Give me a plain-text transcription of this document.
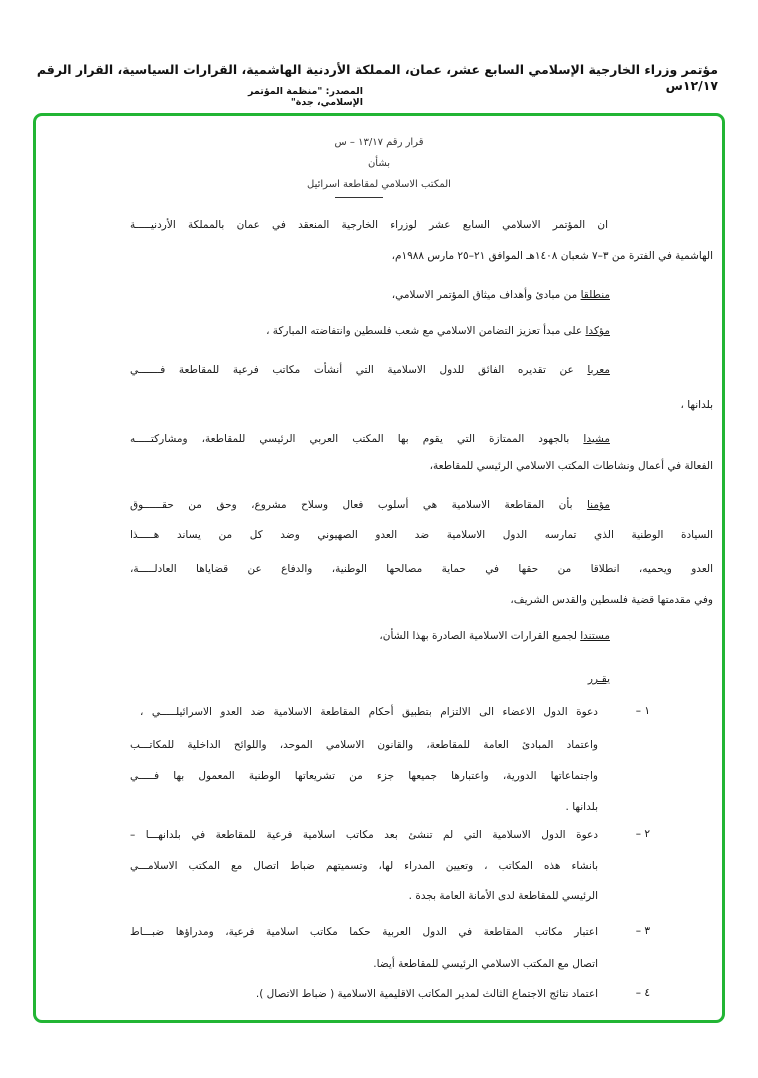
مؤتمر وزراء الخارجية الإسلامي السابع عشر، عمان، المملكة الأردنية الهاشمية، القرارات السياسية، القرار الرقم ١٢/١٧س
المصدر: "منظمة المؤتمر الإسلامي، جدة"
قرار رقم ١٣/١٧ – س
بشأن
المكتب الاسلامي لمقاطعة اسرائيل
ان المؤتمر الاسلامي السابع عشر لوزراء الخارجية المنعقد في عمان بالمملكة الأردنيـــــة
الهاشمية في الفترة من ٣–٧ شعبان ١٤٠٨هـ الموافق ٢١–٢٥ مارس ١٩٨٨م،
منطلقا من مبادئ وأهداف ميثاق المؤتمر الاسلامي،
مؤكدا على مبدأ تعزيز التضامن الاسلامي مع شعب فلسطين وانتفاضته المباركة ،
معربا عن تقديره الفائق للدول الاسلامية التي أنشأت مكاتب فرعية للمقاطعة فـــــــي
بلدانها ،
مشيدا بالجهود الممتازة التي يقوم بها المكتب العربي الرئيسي للمقاطعة، ومشاركتـــــه
الفعالة في أعمال ونشاطات المكتب الاسلامي الرئيسي للمقاطعة،
مؤمنا بأن المقاطعة الاسلامية هي أسلوب فعال وسلاح مشروع، وحق من حقــــــوق
السيادة الوطنية الذي تمارسه الدول الاسلامية ضد العدو الصهيوني وضد كل من يساند هـــــذا
العدو ويحميه، انطلاقا من حقها في حماية مصالحها الوطنية، والدفاع عن قضاياها العادلـــــة،
وفي مقدمتها قضية فلسطين والقدس الشريف،
مستندا لجميع القرارات الاسلامية الصادرة بهذا الشأن،
يقـرر
١ –
دعوة الدول الاعضاء الى الالتزام بتطبيق أحكام المقاطعة الاسلامية ضد العدو الاسرائيلـــــي ،
واعتماد المبادئ العامة للمقاطعة، والقانون الاسلامي الموحد، واللوائح الداخلية للمكاتـــب
واجتماعاتها الدورية، واعتبارها جميعها جزء من تشريعاتها الوطنية المعمول بها فـــــي
بلدانها .
٢ –
دعوة الدول الاسلامية التي لم تنشئ بعد مكاتب اسلامية فرعية للمقاطعة في بلدانهـــا –
بانشاء هذه المكاتب ، وتعيين المدراء لها، وتسميتهم ضباط اتصال مع المكتب الاسلامـــي
الرئيسي للمقاطعة لدى الأمانة العامة بجدة .
٣ –
اعتبار مكاتب المقاطعة في الدول العربية حكما مكاتب اسلامية فرعية، ومدراؤها ضبـــاط
اتصال مع المكتب الاسلامي الرئيسي للمقاطعة أيضا.
٤ –
اعتماد نتائج الاجتماع الثالث لمدير المكاتب الاقليمية الاسلامية ( ضباط الاتصال ).
